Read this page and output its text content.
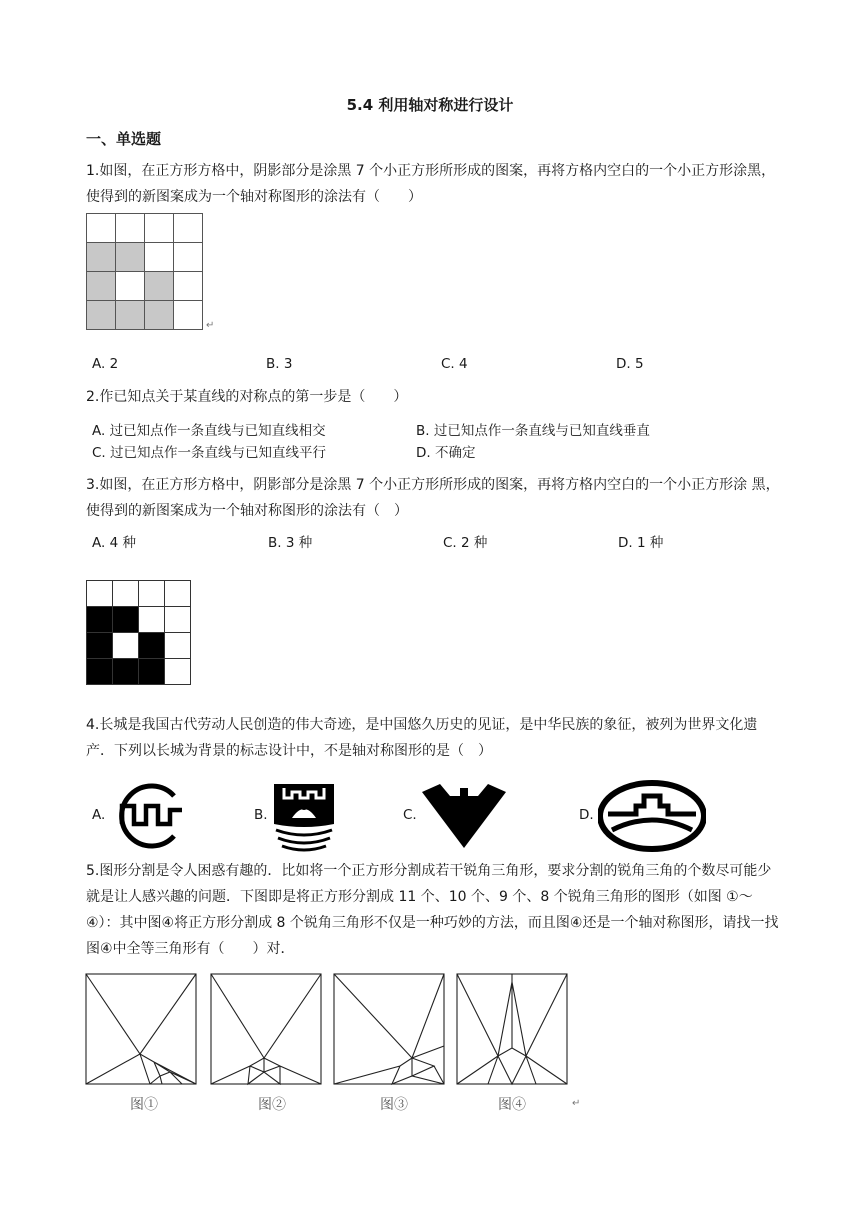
5.4 利用轴对称进行设计
一、单选题
1.如图，在正方形方格中，阴影部分是涂黑 7 个小正方形所形成的图案，再将方格内空白的一个小正方形涂黑，使得到的新图案成为一个轴对称图形的涂法有（　　）

↵
A. 2	B. 3	C. 4	D. 5
2.作已知点关于某直线的对称点的第一步是（　　）
A. 过已知点作一条直线与已知直线相交	B. 过已知点作一条直线与已知直线垂直
C. 过已知点作一条直线与已知直线平行	D. 不确定
3.如图，在正方形方格中，阴影部分是涂黑 7 个小正方形所形成的图案，再将方格内空白的一个小正方形涂 黑，使得到的新图案成为一个轴对称图形的涂法有（　）
A. 4 种	B. 3 种	C. 2 种	D. 1 种

4.长城是我国古代劳动人民创造的伟大奇迹，是中国悠久历史的见证，是中华民族的象征，被列为世界文化遗产．下列以长城为背景的标志设计中，不是轴对称图形的是（　）
A.	B.	C.	D.
5.图形分割是令人困惑有趣的．比如将一个正方形分割成若干锐角三角形，要求分割的锐角三角的个数尽可能少就是让人感兴趣的问题．下图即是将正方形分割成 11 个、10 个、9 个、8 个锐角三角形的图形（如图 ①～④）：其中图④将正方形分割成 8 个锐角三角形不仅是一种巧妙的方法，而且图④还是一个轴对称图形，请找一找图④中全等三角形有（　　）对．
图①	图②	图③	图④	↵
